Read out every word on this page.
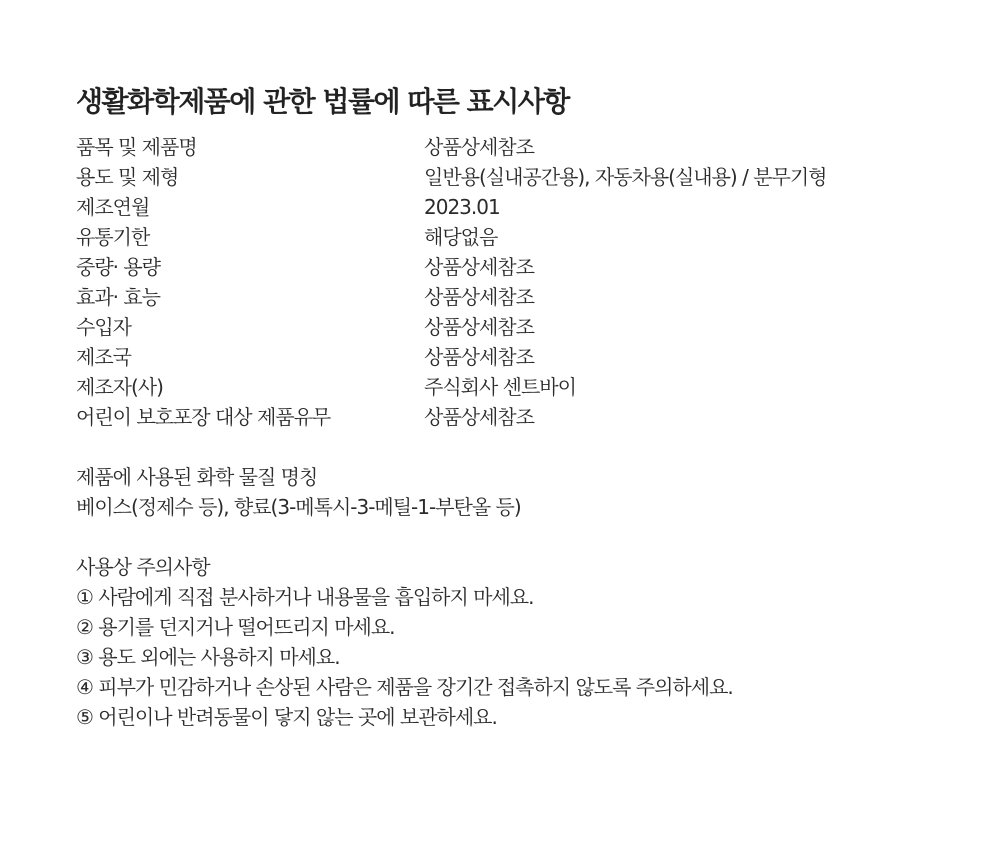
생활화학제품에 관한 법률에 따른 표시사항
품목 및 제품명	상품상세참조
용도 및 제형	일반용(실내공간용), 자동차용(실내용) / 분무기형
제조연월	2023.01
유통기한	해당없음
중량· 용량	상품상세참조
효과· 효능	상품상세참조
수입자	상품상세참조
제조국	상품상세참조
제조자(사)	주식회사 센트바이
어린이 보호포장 대상 제품유무	상품상세참조
제품에 사용된 화학 물질 명칭
베이스(정제수 등), 향료(3-메톡시-3-메틸-1-부탄올 등)
사용상 주의사항
① 사람에게 직접 분사하거나 내용물을 흡입하지 마세요.
② 용기를 던지거나 떨어뜨리지 마세요.
③ 용도 외에는 사용하지 마세요.
④ 피부가 민감하거나 손상된 사람은 제품을 장기간 접촉하지 않도록 주의하세요.
⑤ 어린이나 반려동물이 닿지 않는 곳에 보관하세요.
